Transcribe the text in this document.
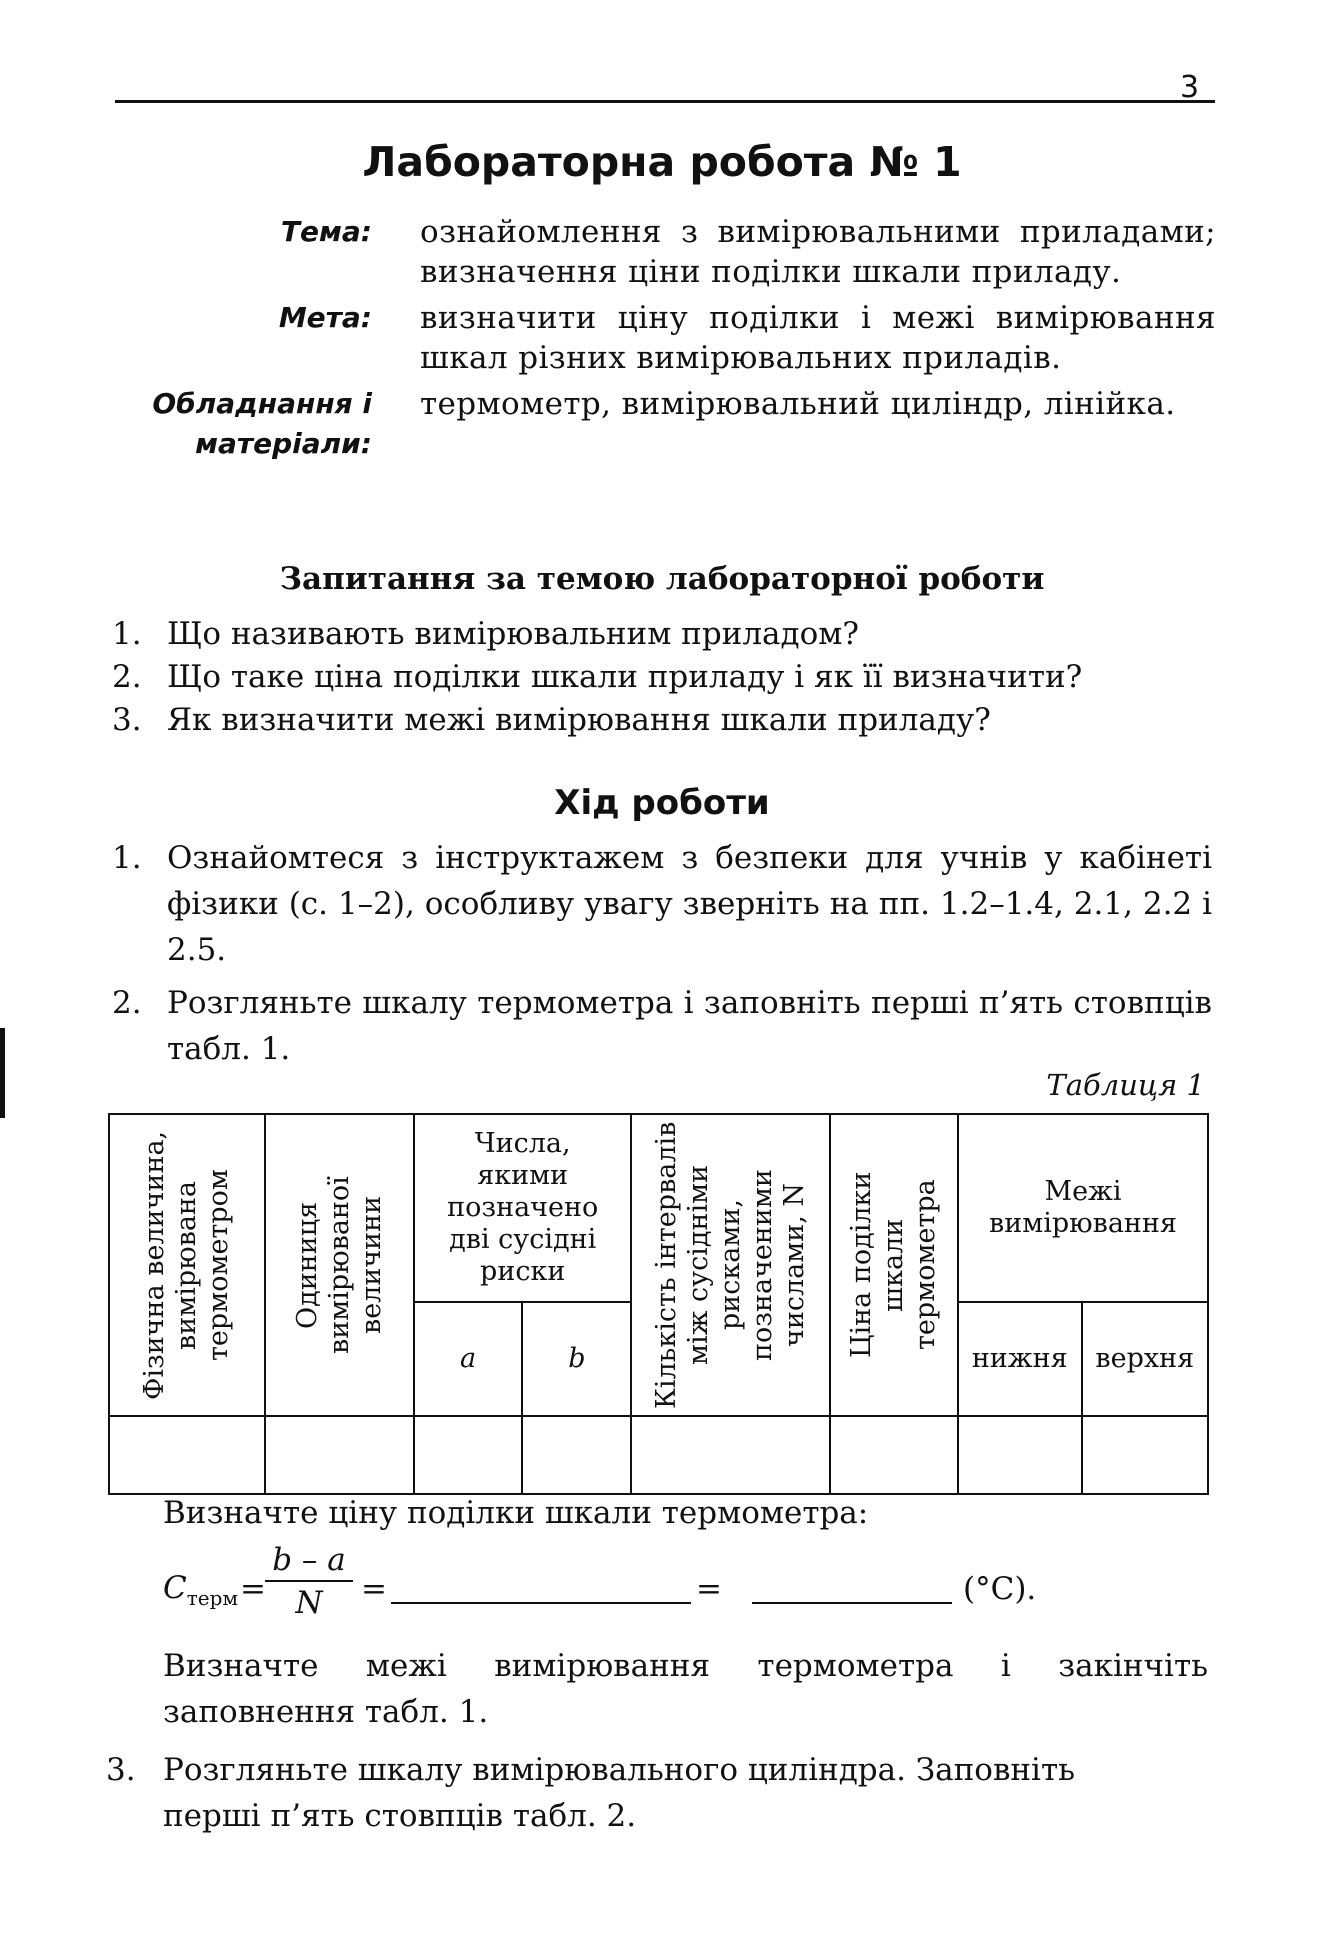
3
Лабораторна робота № 1
Тема:	ознайомлення з вимірювальними приладами; визначення ціни поділки шкали приладу.
Мета:	визначити ціну поділки і межі вимірювання шкал різних вимірювальних приладів.
Обладнання і матеріали:
термометр, вимірювальний циліндр, лінійка.
Запитання за темою лабораторної роботи
1. Що називають вимірювальним приладом?
2. Що таке ціна поділки шкали приладу і як її визначити?
3. Як визначити межі вимірювання шкали приладу?
Хід роботи
1. Ознайомтеся з інструктажем з безпеки для учнів у кабінеті фізики (с. 1–2), особливу увагу зверніть на пп. 1.2–1.4, 2.1, 2.2 і 2.5.
2. Розгляньте шкалу термометра і заповніть перші п’ять стовпців табл. 1.
Таблиця 1
Фізична величина, вимірювана термометром	Одиниця вимірюваної величини	Числа, якими позначено дві сусідні риски		Кількість інтервалів між сусідніми рисками, позначеними числами, N	Ціна поділки шкали термометра	Межі вимірювання	

		a	b			нижня	верхня

Визначте ціну поділки шкали термометра:
$C_{терм} = \frac{b - a}{N}$ =	=	(°С).
Визначте межі вимірювання термометра і закінчіть заповнення табл. 1.
3. Розгляньте шкалу вимірювального циліндра. Заповніть перші п’ять стовпців табл. 2.
